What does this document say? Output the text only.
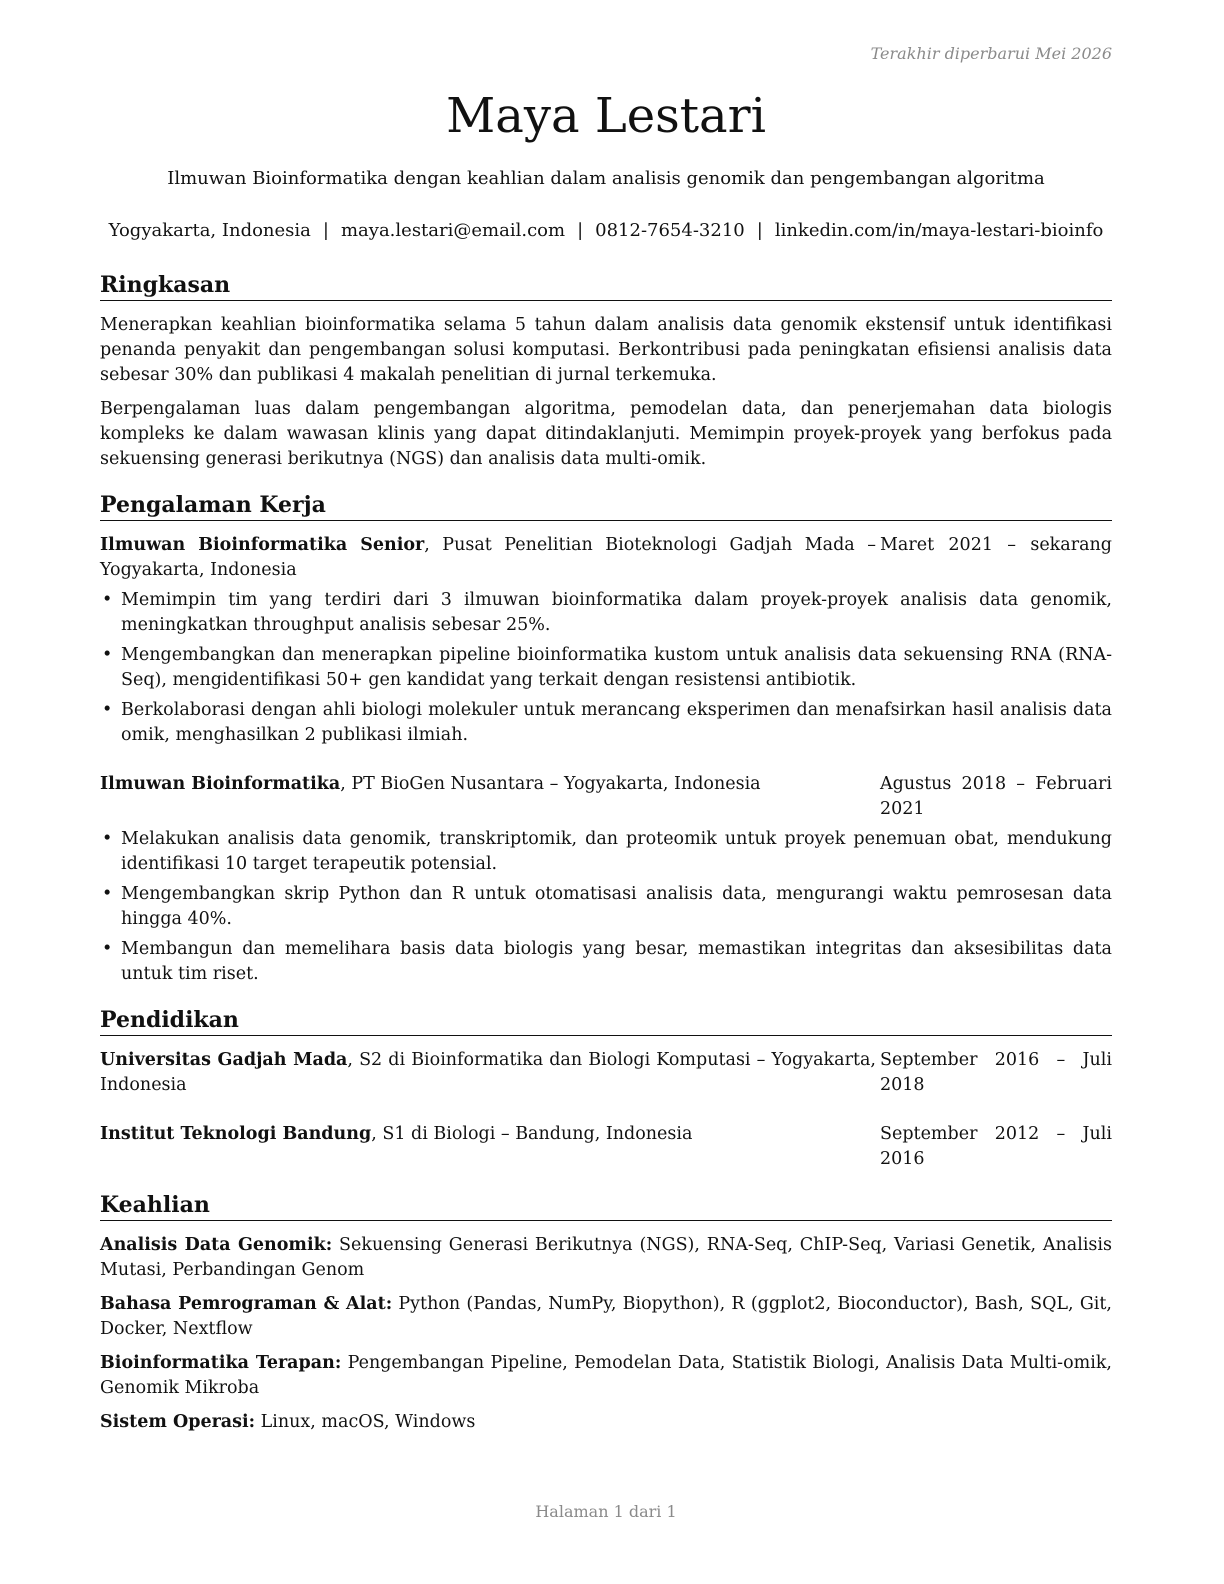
Terakhir diperbarui Mei 2026
Maya Lestari
Ilmuwan Bioinformatika dengan keahlian dalam analisis genomik dan pengembangan algoritma
Yogyakarta, Indonesia | maya.lestari@email.com | 0812-7654-3210 | linkedin.com/in/maya-lestari-bioinfo
Ringkasan

Menerapkan keahlian bioinformatika selama 5 tahun dalam analisis data genomik ekstensif untuk identifikasi penanda penyakit dan pengembangan solusi komputasi. Berkontribusi pada peningkatan efisiensi analisis data sebesar 30% dan publikasi 4 makalah penelitian di jurnal terkemuka.

Berpengalaman luas dalam pengembangan algoritma, pemodelan data, dan penerjemahan data biologis kompleks ke dalam wawasan klinis yang dapat ditindaklanjuti. Memimpin proyek-proyek yang berfokus pada sekuensing generasi berikutnya (NGS) dan analisis data multi-omik.

Pengalaman Kerja
Ilmuwan Bioinformatika Senior, Pusat Penelitian Bioteknologi Gadjah Mada – Yogyakarta, Indonesia
Maret 2021 – sekarang
• Memimpin tim yang terdiri dari 3 ilmuwan bioinformatika dalam proyek-proyek analisis data genomik, meningkatkan throughput analisis sebesar 25%.
• Mengembangkan dan menerapkan pipeline bioinformatika kustom untuk analisis data sekuensing RNA (RNA-Seq), mengidentifikasi 50+ gen kandidat yang terkait dengan resistensi antibiotik.
• Berkolaborasi dengan ahli biologi molekuler untuk merancang eksperimen dan menafsirkan hasil analisis data omik, menghasilkan 2 publikasi ilmiah.
Ilmuwan Bioinformatika, PT BioGen Nusantara – Yogyakarta, Indonesia	Agustus 2018 – Februari 2021
• Melakukan analisis data genomik, transkriptomik, dan proteomik untuk proyek penemuan obat, mendukung identifikasi 10 target terapeutik potensial.
• Mengembangkan skrip Python dan R untuk otomatisasi analisis data, mengurangi waktu pemrosesan data hingga 40%.
• Membangun dan memelihara basis data biologis yang besar, memastikan integritas dan aksesibilitas data untuk tim riset.
Pendidikan
Universitas Gadjah Mada, S2 di Bioinformatika dan Biologi Komputasi – Yogyakarta, Indonesia
September 2016 – Juli 2018
Institut Teknologi Bandung, S1 di Biologi – Bandung, Indonesia	September 2012 – Juli 2016
Keahlian
Analisis Data Genomik: Sekuensing Generasi Berikutnya (NGS), RNA-Seq, ChIP-Seq, Variasi Genetik, Analisis Mutasi, Perbandingan Genom
Bahasa Pemrograman & Alat: Python (Pandas, NumPy, Biopython), R (ggplot2, Bioconductor), Bash, SQL, Git, Docker, Nextflow
Bioinformatika Terapan: Pengembangan Pipeline, Pemodelan Data, Statistik Biologi, Analisis Data Multi-omik, Genomik Mikroba
Sistem Operasi: Linux, macOS, Windows
Halaman 1 dari 1
